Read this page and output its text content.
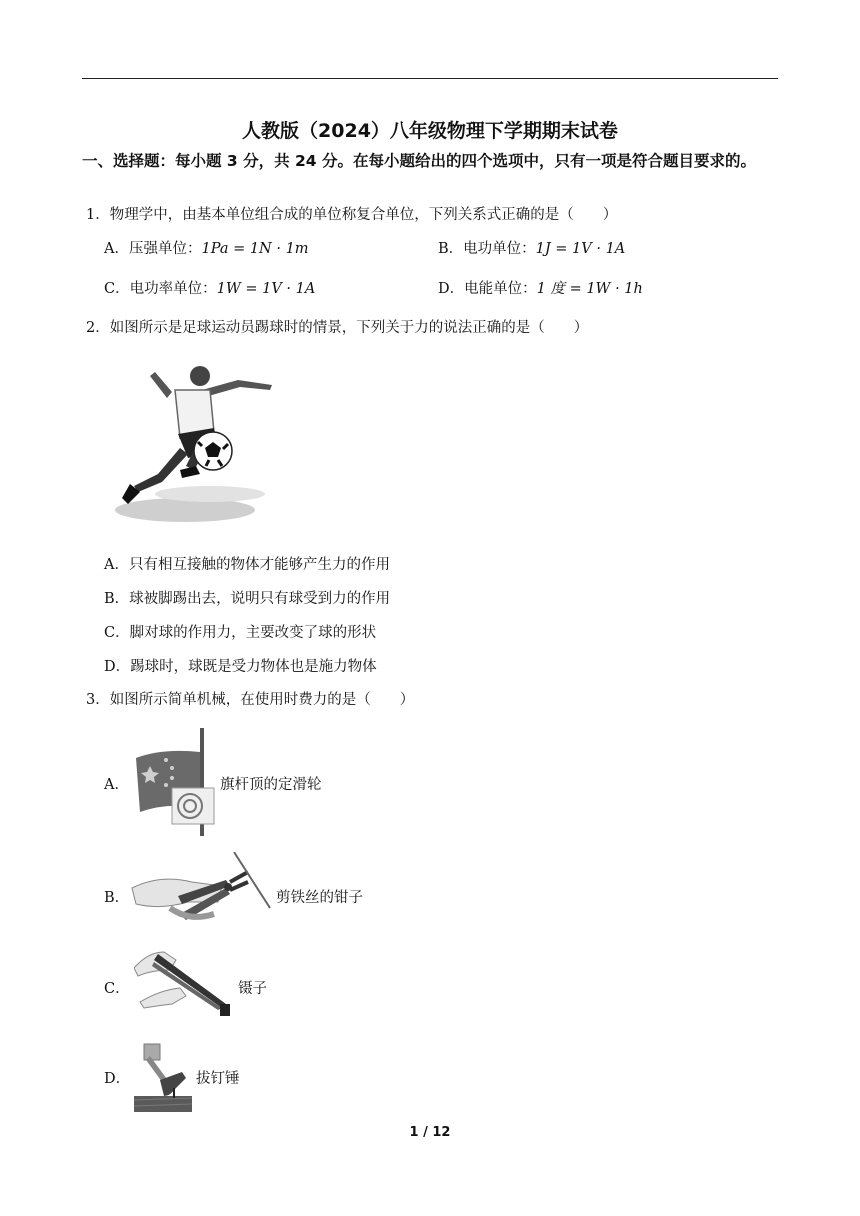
人教版（2024）八年级物理下学期期末试卷
一、选择题：每小题 3 分，共 24 分。在每小题给出的四个选项中，只有一项是符合题目要求的。
1．物理学中，由基本单位组合成的单位称复合单位，下列关系式正确的是（　　）
A．压强单位：1Pa = 1N · 1m	B．电功单位：1J = 1V · 1A
C．电功率单位：1W = 1V · 1A	D．电能单位：1 度 = 1W · 1h
2．如图所示是足球运动员踢球时的情景，下列关于力的说法正确的是（　　）
A．只有相互接触的物体才能够产生力的作用
B．球被脚踢出去，说明只有球受到力的作用
C．脚对球的作用力，主要改变了球的形状
D．踢球时，球既是受力物体也是施力物体
3．如图所示简单机械，在使用时费力的是（　　）
A．	旗杆顶的定滑轮
B．	剪铁丝的钳子
C．	镊子
D．	拔钉锤
1 / 12
